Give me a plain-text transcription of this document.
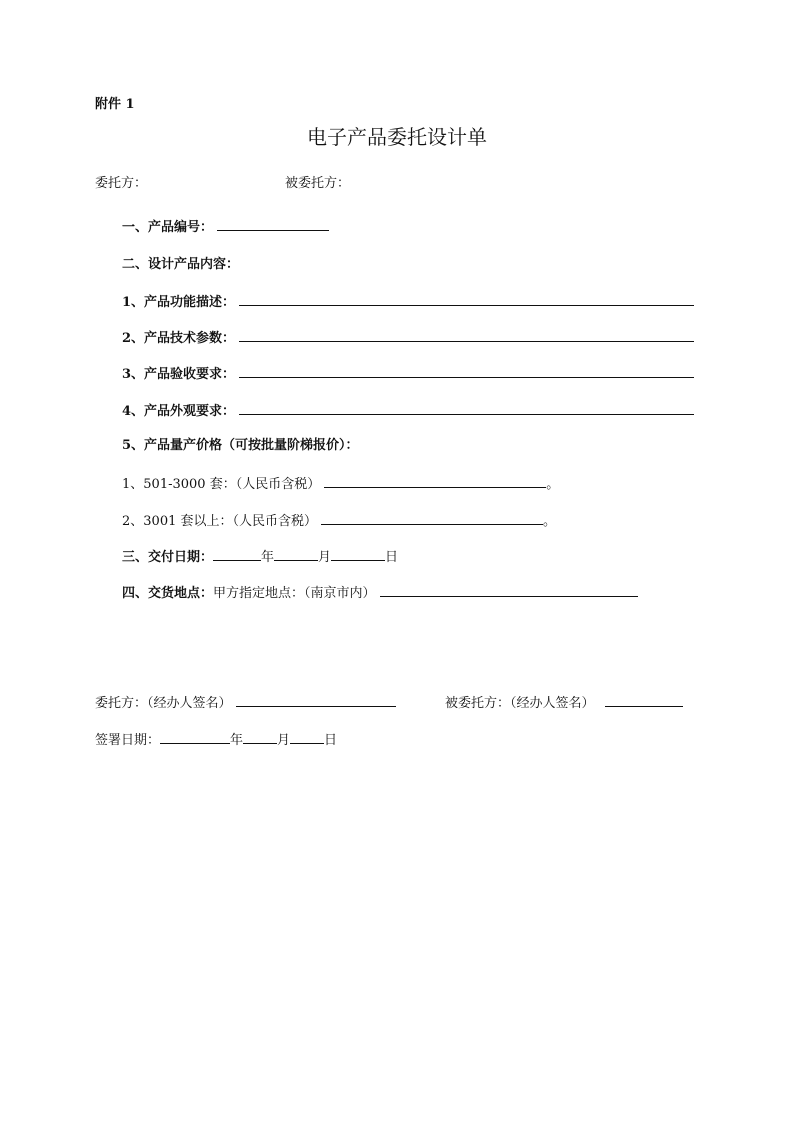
附件 1
电子产品委托设计单
委托方：	被委托方：
一、产品编号：
二、设计产品内容：
1、产品功能描述：
2、产品技术参数：
3、产品验收要求：
4、产品外观要求：
5、产品量产价格（可按批量阶梯报价）：
1、501-3000 套：（人民币含税）	。
2、3001 套以上：（人民币含税）	。
三、交付日期：	年	月	日
四、交货地点：甲方指定地点：（南京市内）
委托方：（经办人签名）	被委托方：（经办人签名）
签署日期：	年	月	日
